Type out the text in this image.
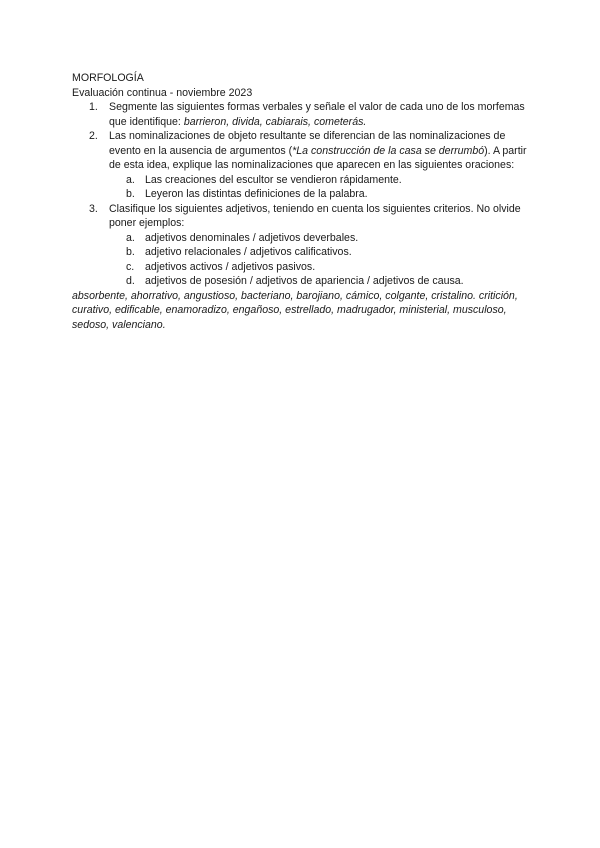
MORFOLOGÍA

Evaluación continua - noviembre 2023

1. Segmente las siguientes formas verbales y señale el valor de cada uno de los morfemas que identifique: barrieron, divida, cabiarais, cometerás.
2. Las nominalizaciones de objeto resultante se diferencian de las nominalizaciones de evento en la ausencia de argumentos (*La construcción de la casa se derrumbó). A partir de esta idea, explique las nominalizaciones que aparecen en las siguientes oraciones:
a. Las creaciones del escultor se vendieron rápidamente.
b. Leyeron las distintas definiciones de la palabra.
3. Clasifique los siguientes adjetivos, teniendo en cuenta los siguientes criterios. No olvide poner ejemplos:
a. adjetivos denominales / adjetivos deverbales.
b. adjetivo relacionales / adjetivos calificativos.
c. adjetivos activos / adjetivos pasivos.
d. adjetivos de posesión / adjetivos de apariencia / adjetivos de causa.

absorbente, ahorrativo, angustioso, bacteriano, barojiano, cámico, colgante, cristalino. critición, curativo, edificable, enamoradizo, engañoso, estrellado, madrugador, ministerial, musculoso, sedoso, valenciano.
